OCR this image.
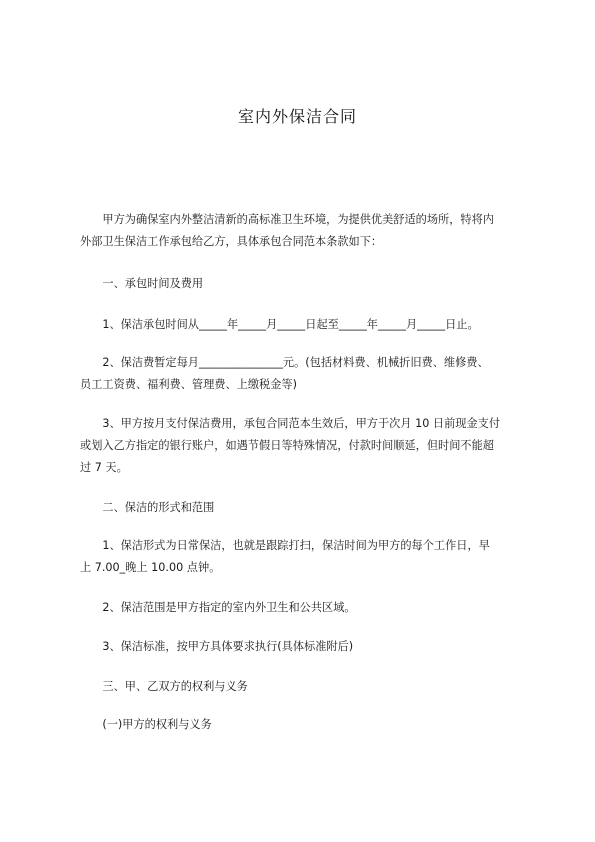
室内外保洁合同
　　甲方为确保室内外整洁清新的高标准卫生环境，为提供优美舒适的场所，特将内
外部卫生保洁工作承包给乙方，具体承包合同范本条款如下：
　　一、承包时间及费用
　　1、保洁承包时间从_____年_____月_____日起至_____年_____月_____日止。
　　2、保洁费暂定每月_______________元。(包括材料费、机械折旧费、维修费、
员工工资费、福利费、管理费、上缴税金等)
　　3、甲方按月支付保洁费用，承包合同范本生效后，甲方于次月 10 日前现金支付
或划入乙方指定的银行账户，如遇节假日等特殊情况，付款时间顺延，但时间不能超
过 7 天。
　　二、保洁的形式和范围
　　1、保洁形式为日常保洁，也就是跟踪打扫，保洁时间为甲方的每个工作日，早
上 7.00_晚上 10.00 点钟。
　　2、保洁范围是甲方指定的室内外卫生和公共区域。
　　3、保洁标准，按甲方具体要求执行(具体标准附后)
　　三、甲、乙双方的权利与义务
　　(一)甲方的权利与义务
